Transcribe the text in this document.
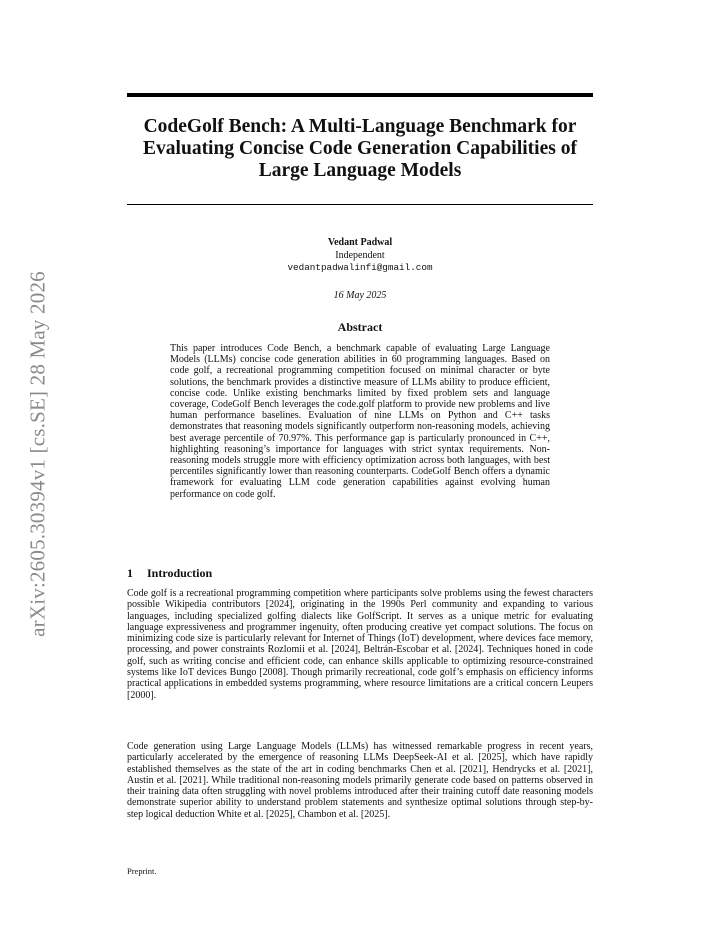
arXiv:2605.30394v1 [cs.SE] 28 May 2026
CodeGolf Bench: A Multi-Language Benchmark for Evaluating Concise Code Generation Capabilities of Large Language Models
Vedant Padwal
Independent
vedantpadwalinfi@gmail.com
16 May 2025
Abstract

This paper introduces Code Bench, a benchmark capable of evaluating Large Language Models (LLMs) concise code generation abilities in 60 programming languages. Based on code golf, a recreational programming competition focused on minimal character or byte solutions, the benchmark provides a distinctive measure of LLMs ability to produce efficient, concise code. Unlike existing benchmarks limited by fixed problem sets and language coverage, CodeGolf Bench leverages the code.golf platform to provide new problems and live human performance baselines. Evaluation of nine LLMs on Python and C++ tasks demonstrates that reasoning models significantly outperform non-reasoning models, achieving best average percentile of 70.97%. This performance gap is particularly pronounced in C++, highlighting reasoning’s importance for languages with strict syntax requirements. Non-reasoning models struggle more with efficiency optimization across both languages, with best percentiles significantly lower than reasoning counterparts. CodeGolf Bench offers a dynamic framework for evaluating LLM code generation capabilities against evolving human performance on code golf.

1 Introduction

Code golf is a recreational programming competition where participants solve problems using the fewest characters possible Wikipedia contributors [2024], originating in the 1990s Perl community and expanding to various languages, including specialized golfing dialects like GolfScript. It serves as a unique metric for evaluating language expressiveness and programmer ingenuity, often producing creative yet compact solutions. The focus on minimizing code size is particularly relevant for Internet of Things (IoT) development, where devices face memory, processing, and power constraints Rozlomii et al. [2024], Beltrán-Escobar et al. [2024]. Techniques honed in code golf, such as writing concise and efficient code, can enhance skills applicable to optimizing resource-constrained systems like IoT devices Bungo [2008]. Though primarily recreational, code golf’s emphasis on efficiency informs practical applications in embedded systems programming, where resource limitations are a critical concern Leupers [2000].

Code generation using Large Language Models (LLMs) has witnessed remarkable progress in recent years, particularly accelerated by the emergence of reasoning LLMs DeepSeek-AI et al. [2025], which have rapidly established themselves as the state of the art in coding benchmarks Chen et al. [2021], Hendrycks et al. [2021], Austin et al. [2021]. While traditional non-reasoning models primarily generate code based on patterns observed in their training data often struggling with novel problems introduced after their training cutoff date reasoning models demonstrate superior ability to understand problem statements and synthesize optimal solutions through step-by-step logical deduction White et al. [2025], Chambon et al. [2025].

Preprint.
